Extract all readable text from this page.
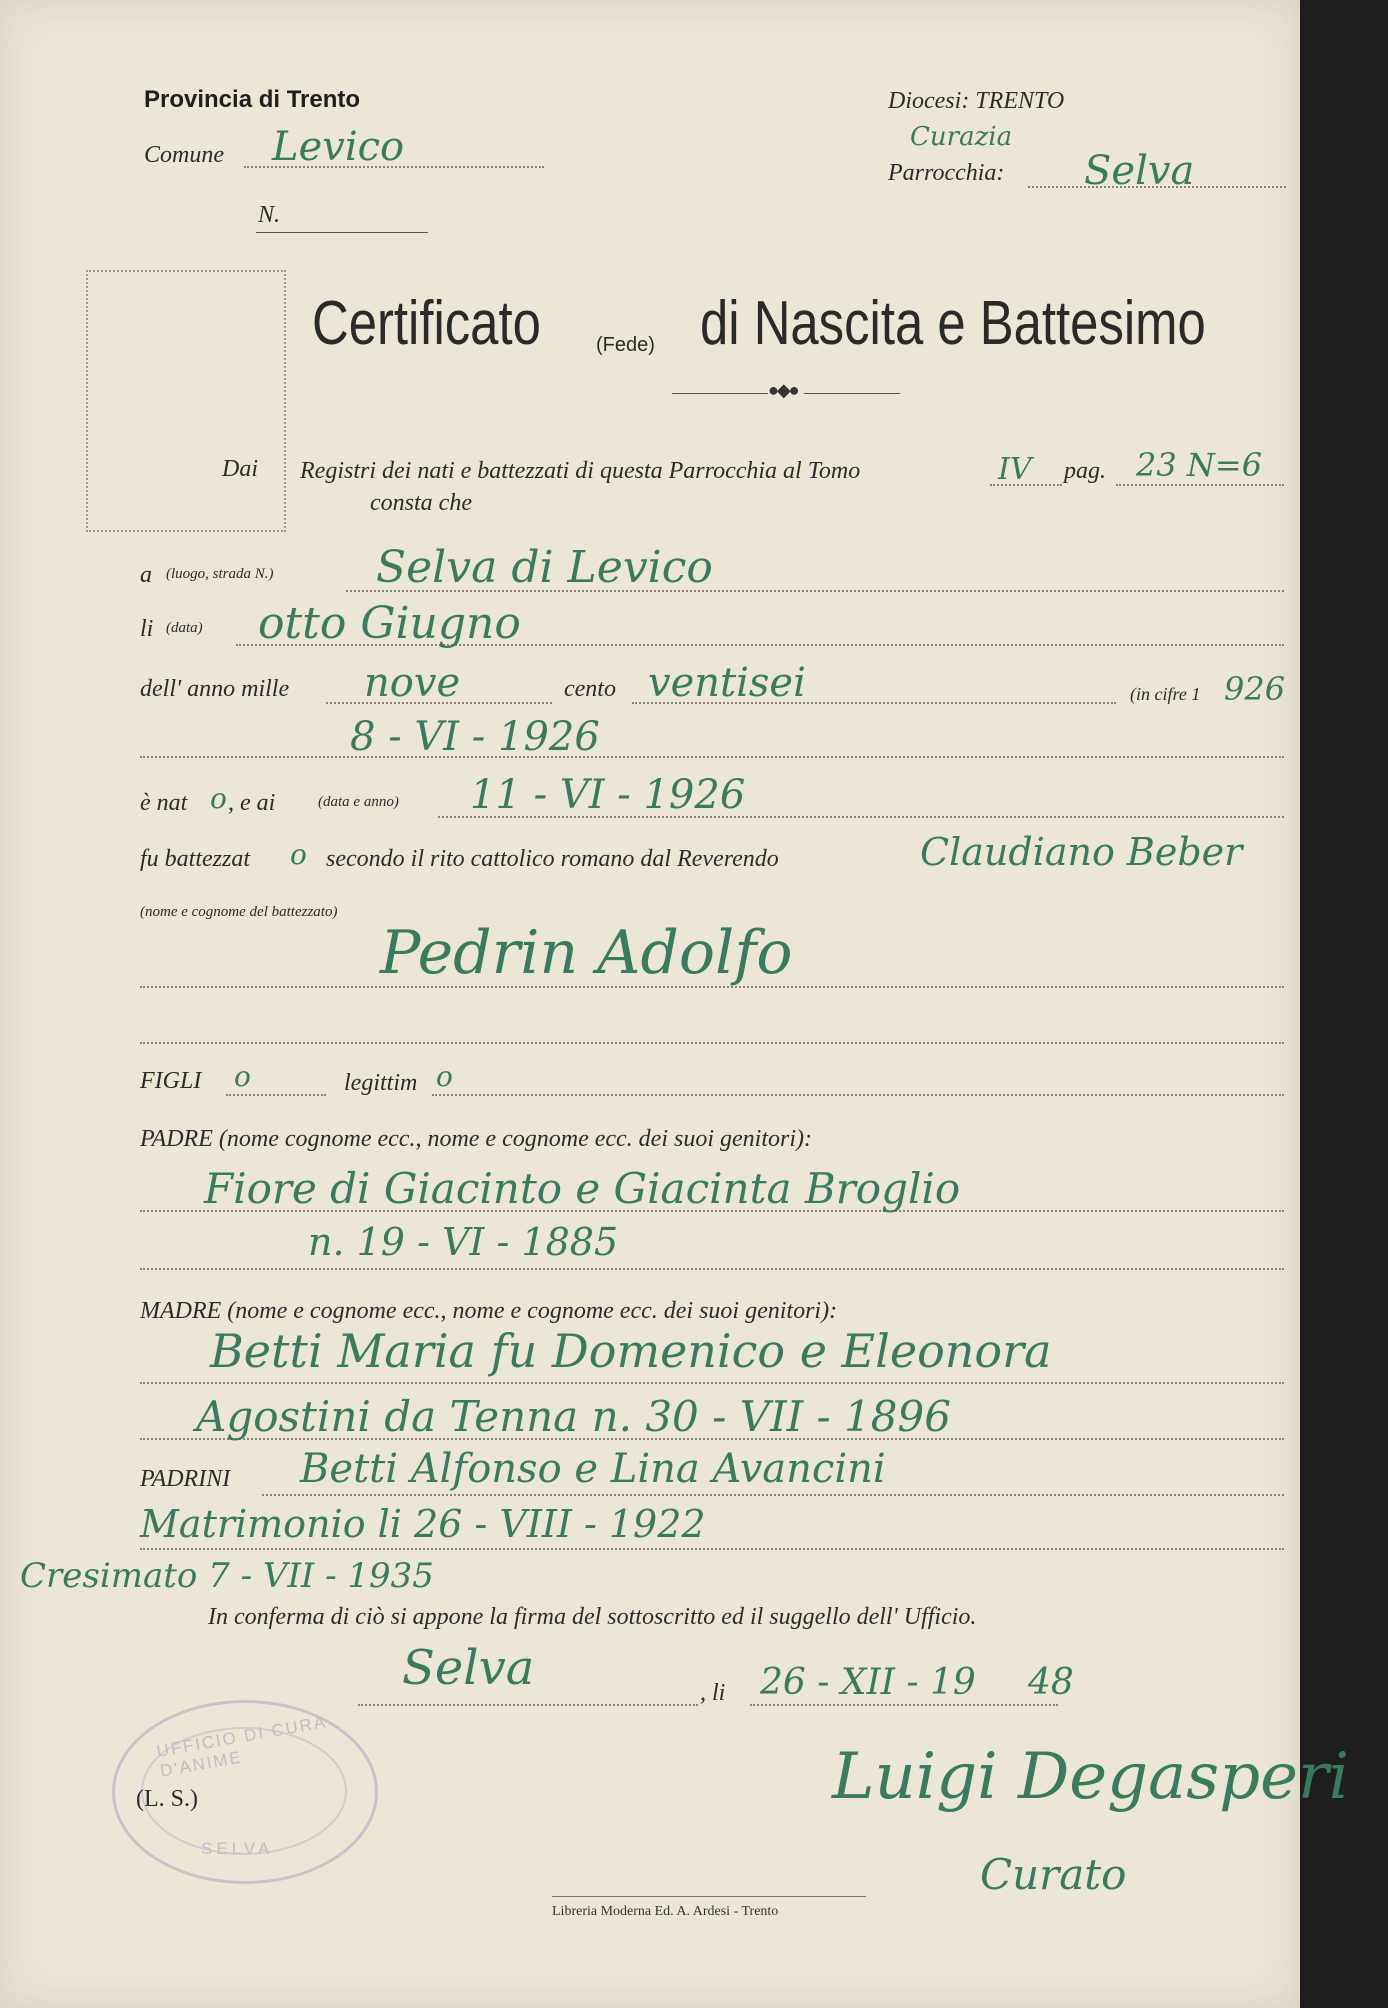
Provincia di Trento
Comune Levico
N.
Diocesi: TRENTO
Curazia
Parrocchia: Selva
Certificato	(Fede) di Nascita e Battesimo
●◆●
Dai Registri dei nati e battezzati di questa Parrocchia al Tomo	IV pag. 23 N=6
consta che
a (luogo, strada N.) Selva di Levico
li (data) otto Giugno
dell' anno mille nove	cento ventisei	(in cifre 1 926
8 - VI - 1926
è nat o , e ai	(data e anno) 11 - VI - 1926
fu battezzat o secondo il rito cattolico romano dal Reverendo	Claudiano Beber
(nome e cognome del battezzato)
Pedrin Adolfo
FIGLI o	legittim o
PADRE (nome cognome ecc., nome e cognome ecc. dei suoi genitori):
Fiore di Giacinto e Giacinta Broglio
n. 19 - VI - 1885
MADRE (nome e cognome ecc., nome e cognome ecc. dei suoi genitori):
Betti Maria fu Domenico e Eleonora
Agostini da Tenna n. 30 - VII - 1896
PADRINI Betti Alfonso e Lina Avancini
Matrimonio li 26 - VIII - 1922
Cresimato 7 - VII - 1935
In conferma di ciò si appone la firma del sottoscritto ed il suggello dell' Ufficio.
Selva	, li 26 - XII - 19 48
UFFICIO DI CURA D'ANIME
SELVA
(L. S.)	Luigi Degasperi
Curato
Libreria Moderna Ed. A. Ardesi - Trento
